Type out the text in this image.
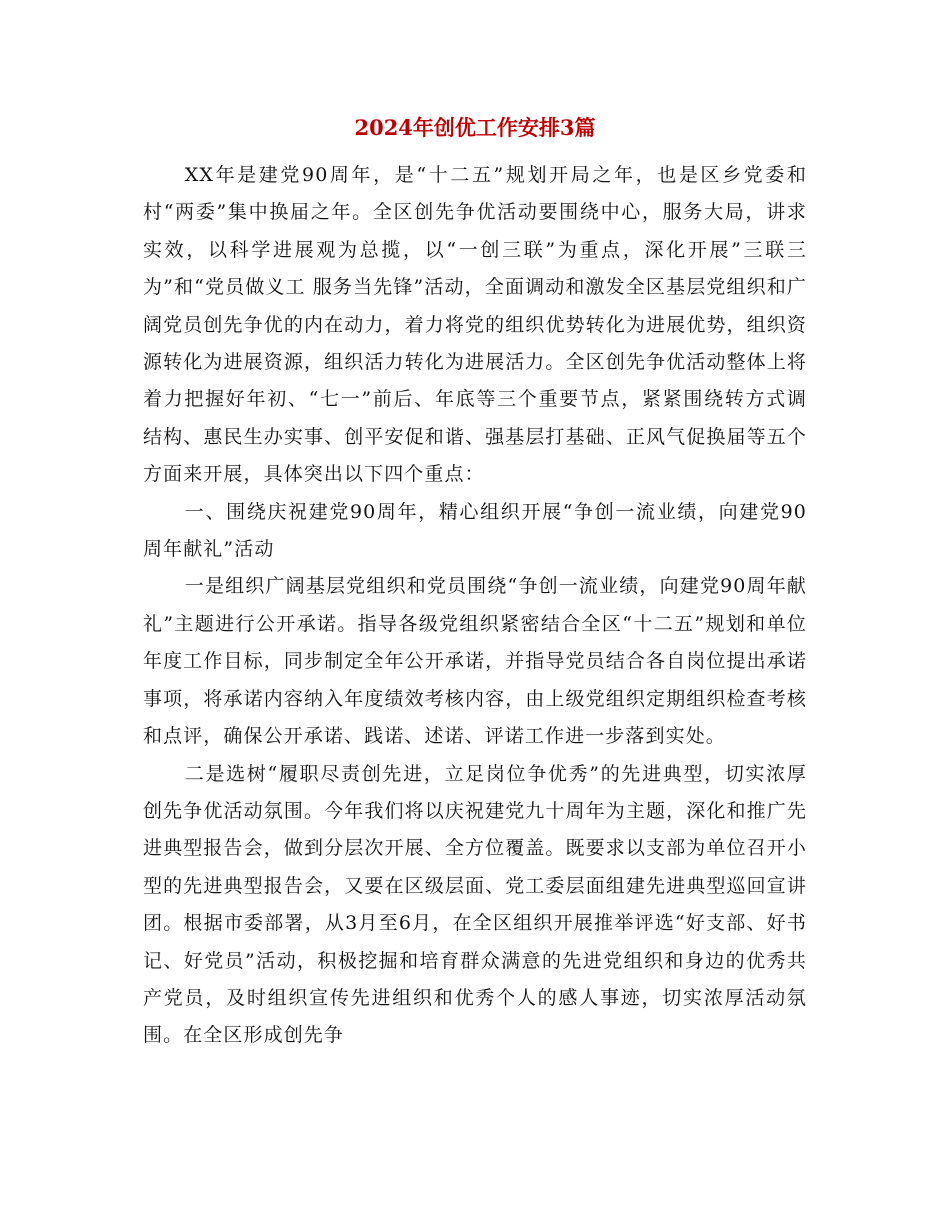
2024年创优工作安排3篇

XX年是建党90周年，是“十二五”规划开局之年，也是区乡党委和村“两委”集中换届之年。全区创先争优活动要围绕中心，服务大局，讲求实效，以科学进展观为总揽，以“一创三联”为重点，深化开展”三联三为”和“党员做义工 服务当先锋”活动，全面调动和激发全区基层党组织和广阔党员创先争优的内在动力，着力将党的组织优势转化为进展优势，组织资源转化为进展资源，组织活力转化为进展活力。全区创先争优活动整体上将着力把握好年初、“七一”前后、年底等三个重要节点，紧紧围绕转方式调结构、惠民生办实事、创平安促和谐、强基层打基础、正风气促换届等五个方面来开展，具体突出以下四个重点：

一、围绕庆祝建党90周年，精心组织开展“争创一流业绩，向建党90周年献礼”活动

一是组织广阔基层党组织和党员围绕“争创一流业绩，向建党90周年献礼”主题进行公开承诺。指导各级党组织紧密结合全区“十二五”规划和单位年度工作目标，同步制定全年公开承诺，并指导党员结合各自岗位提出承诺事项，将承诺内容纳入年度绩效考核内容，由上级党组织定期组织检查考核和点评，确保公开承诺、践诺、述诺、评诺工作进一步落到实处。

二是选树“履职尽责创先进，立足岗位争优秀”的先进典型，切实浓厚创先争优活动氛围。今年我们将以庆祝建党九十周年为主题，深化和推广先进典型报告会，做到分层次开展、全方位覆盖。既要求以支部为单位召开小型的先进典型报告会，又要在区级层面、党工委层面组建先进典型巡回宣讲团。根据市委部署，从3月至6月，在全区组织开展推举评选“好支部、好书记、好党员”活动，积极挖掘和培育群众满意的先进党组织和身边的优秀共产党员，及时组织宣传先进组织和优秀个人的感人事迹，切实浓厚活动氛围。在全区形成创先争
